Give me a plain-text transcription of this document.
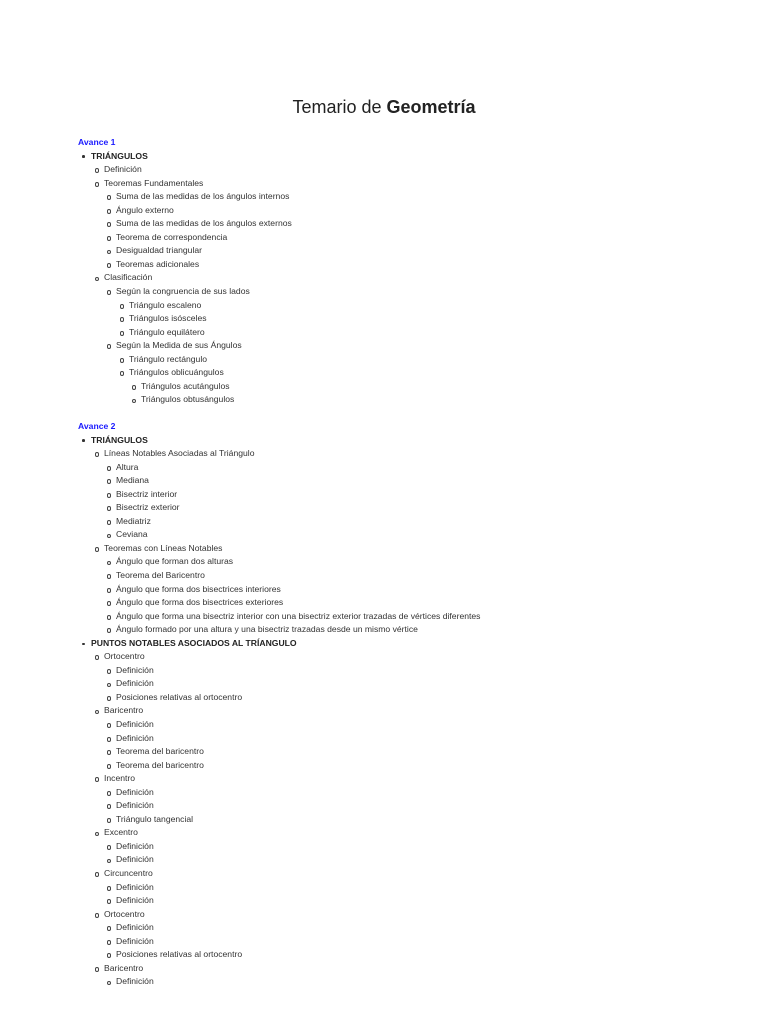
Temario de Geometría
Avance 1
TRIÁNGULOS
Definición
Teoremas Fundamentales
Suma de las medidas de los ángulos internos
Ángulo externo
Suma de las medidas de los ángulos externos
Teorema de correspondencia
Desigualdad triangular
Teoremas adicionales
Clasificación
Según la congruencia de sus lados
Triángulo escaleno
Triángulos isósceles
Triángulo equilátero
Según la Medida de sus Ángulos
Triángulo rectángulo
Triángulos oblicuángulos
Triángulos acutángulos
Triángulos obtusángulos
Avance 2
TRIÁNGULOS
Líneas Notables Asociadas al Triángulo
Altura
Mediana
Bisectriz interior
Bisectriz exterior
Mediatriz
Ceviana
Teoremas con Líneas Notables
Ángulo que forman dos alturas
Teorema del Baricentro
Ángulo que forma dos bisectrices interiores
Ángulo que forma dos bisectrices exteriores
Ángulo que forma una bisectriz interior con una bisectriz exterior trazadas de vértices diferentes
Ángulo formado por una altura y una bisectriz trazadas desde un mismo vértice
PUNTOS NOTABLES ASOCIADOS AL TRÍANGULO
Ortocentro
Definición
Definición
Posiciones relativas al ortocentro
Baricentro
Definición
Definición
Teorema del baricentro
Teorema del baricentro
Incentro
Definición
Definición
Triángulo tangencial
Excentro
Definición
Definición
Circuncentro
Definición
Definición
Ortocentro
Definición
Definición
Posiciones relativas al ortocentro
Baricentro
Definición
